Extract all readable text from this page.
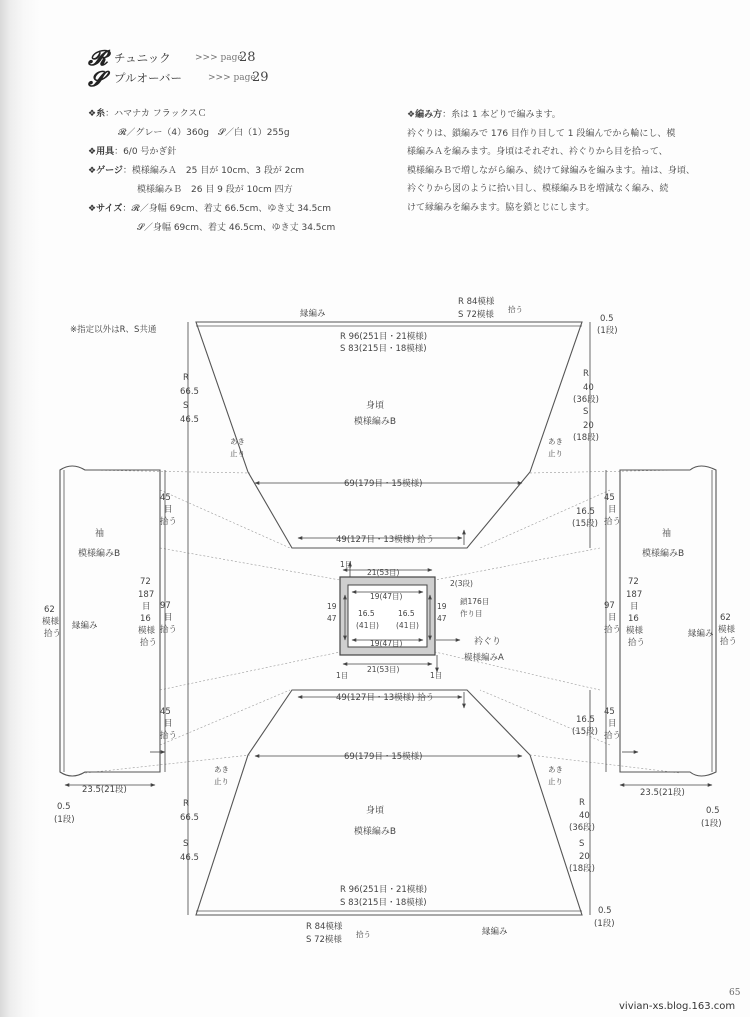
𝓡 チュニック	>>> page
28
𝓢 プルオーバー	>>> page
29
❖糸：ハマナカ フラックスＣ
𝓡／グレー（4）360g　𝓢／白（1）255g
❖用具：6/0 号かぎ針
❖ゲージ：模様編みＡ　25 目が 10cm、3 段が 2cm
模様編みＢ　26 目 9 段が 10cm 四方
❖サイズ：𝓡／身幅 69cm、着丈 66.5cm、ゆき丈 34.5cm
𝓢／身幅 69cm、着丈 46.5cm、ゆき丈 34.5cm
❖編み方：糸は 1 本どりで編みます。
衿ぐりは、鎖編みで 176 目作り目して 1 段編んでから輪にし、模
様編みＡを編みます。身頃はそれぞれ、衿ぐりから目を拾って、
模様編みＢで増しながら編み、続けて縁編みを編みます。袖は、身頃、
衿ぐりから図のように拾い目し、模様編みＢを増減なく編み、続
けて縁編みを編みます。脇を鎖とじにします。
※指定以外はR、S共通
縁編み
R 84模様
S 72模様
拾う
R 96(251目・21模様)
S 83(215目・18模様)
身頃
模様編みB
あき
止り
あき
止り
69(179目・15模様)
49(127目・13模様) 拾う
R
66.5
S
46.5
0.5
(1段)
R
40
(36段)
S
20
(18段)
16.5
(15段)
袖
模様編みB
45
目
拾う
72
187
目
16
模様
拾う
97
目
拾う
45
目
拾う
62
模様
拾う
縁編み
23.5(21段)
0.5
(1段)
袖
模様編みB
45
目
拾う
72
187
目
16
模様
拾う
97
目
拾う
45
目
拾う
62
模様
拾う
縁編み
23.5(21段)
0.5
(1段)
1目
21(53目)
19(47目)
19
47
16.5
(41目)
16.5
(41目)
19
47
19(47目)
21(53目)
1目	1目
2(3段)
鎖176目
作り目
衿ぐり
模様編みA
49(127目・13模様) 拾う
69(179目・15模様)
身頃
模様編みB
あき
止り
あき
止り
R
66.5
S
46.5
R
40
(36段)
S
20
(18段)
16.5
(15段)
R 96(251目・21模様)
S 83(215目・18模様)
0.5
(1段)
R 84模様
S 72模様
拾う	縁編み
65
vivian-xs.blog.163.com
